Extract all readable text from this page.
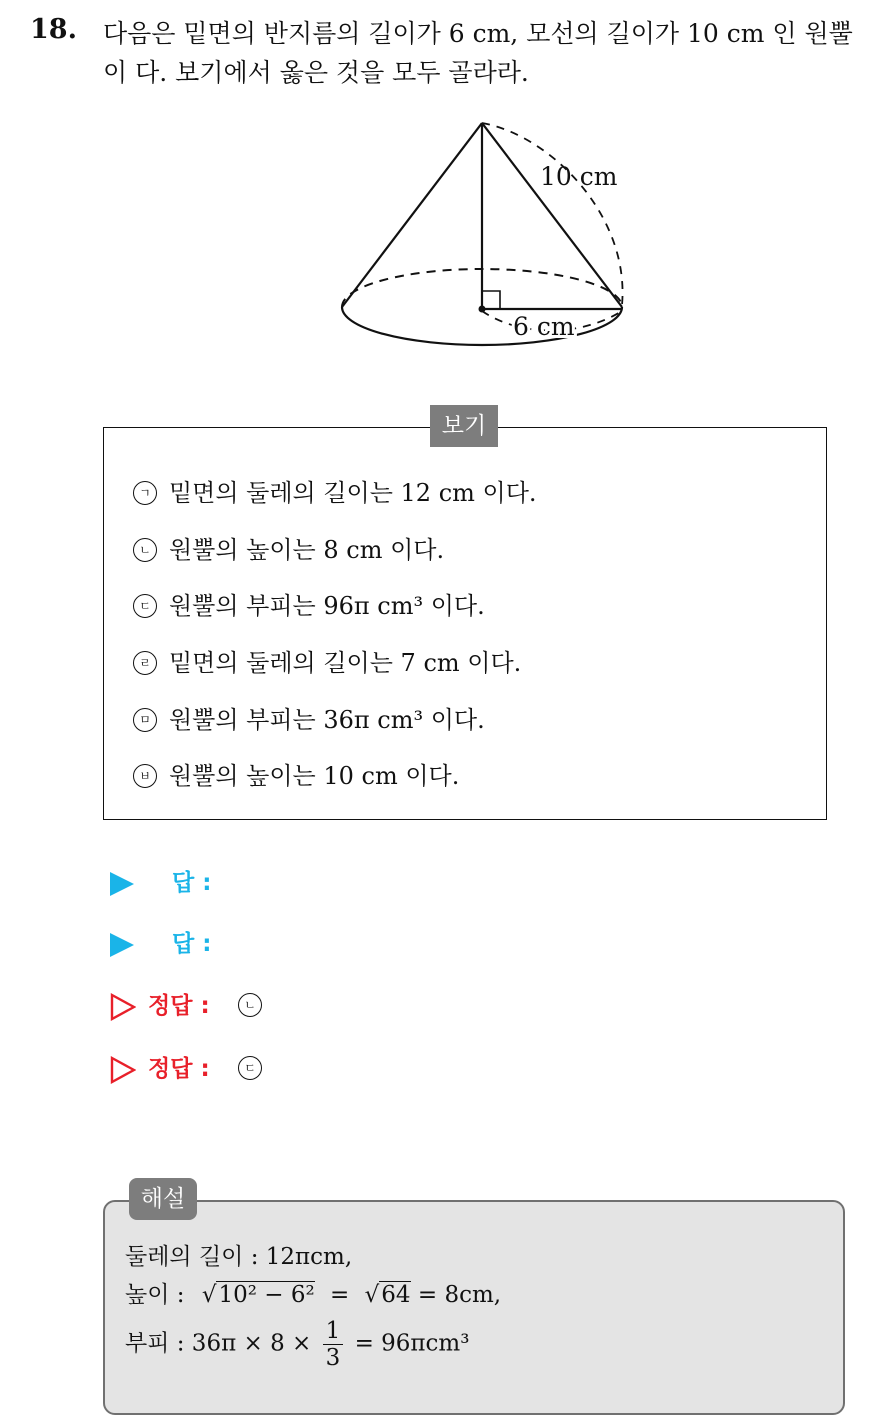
18. 다음은 밑면의 반지름의 길이가 6 cm, 모선의 길이가 10 cm 인 원뿔이 다. 보기에서 옳은 것을 모두 골라라.
10 cm
6 cm
보기
ㄱ 밑면의 둘레의 길이는 12 cm 이다.
ㄴ 원뿔의 높이는 8 cm 이다.
ㄷ 원뿔의 부피는 96π cm³ 이다.
ㄹ 밑면의 둘레의 길이는 7 cm 이다.
ㅁ 원뿔의 부피는 36π cm³ 이다.
ㅂ 원뿔의 높이는 10 cm 이다.
답 :
답 :
정답 :	ㄴ
정답 :	ㄷ
해설
둘레의 길이 : 12πcm,
높이 : √10² − 6² = √64 = 8cm,
부피 : $36\pi \times 8 \times \frac{1}{3} = 96\pi cm^3$
